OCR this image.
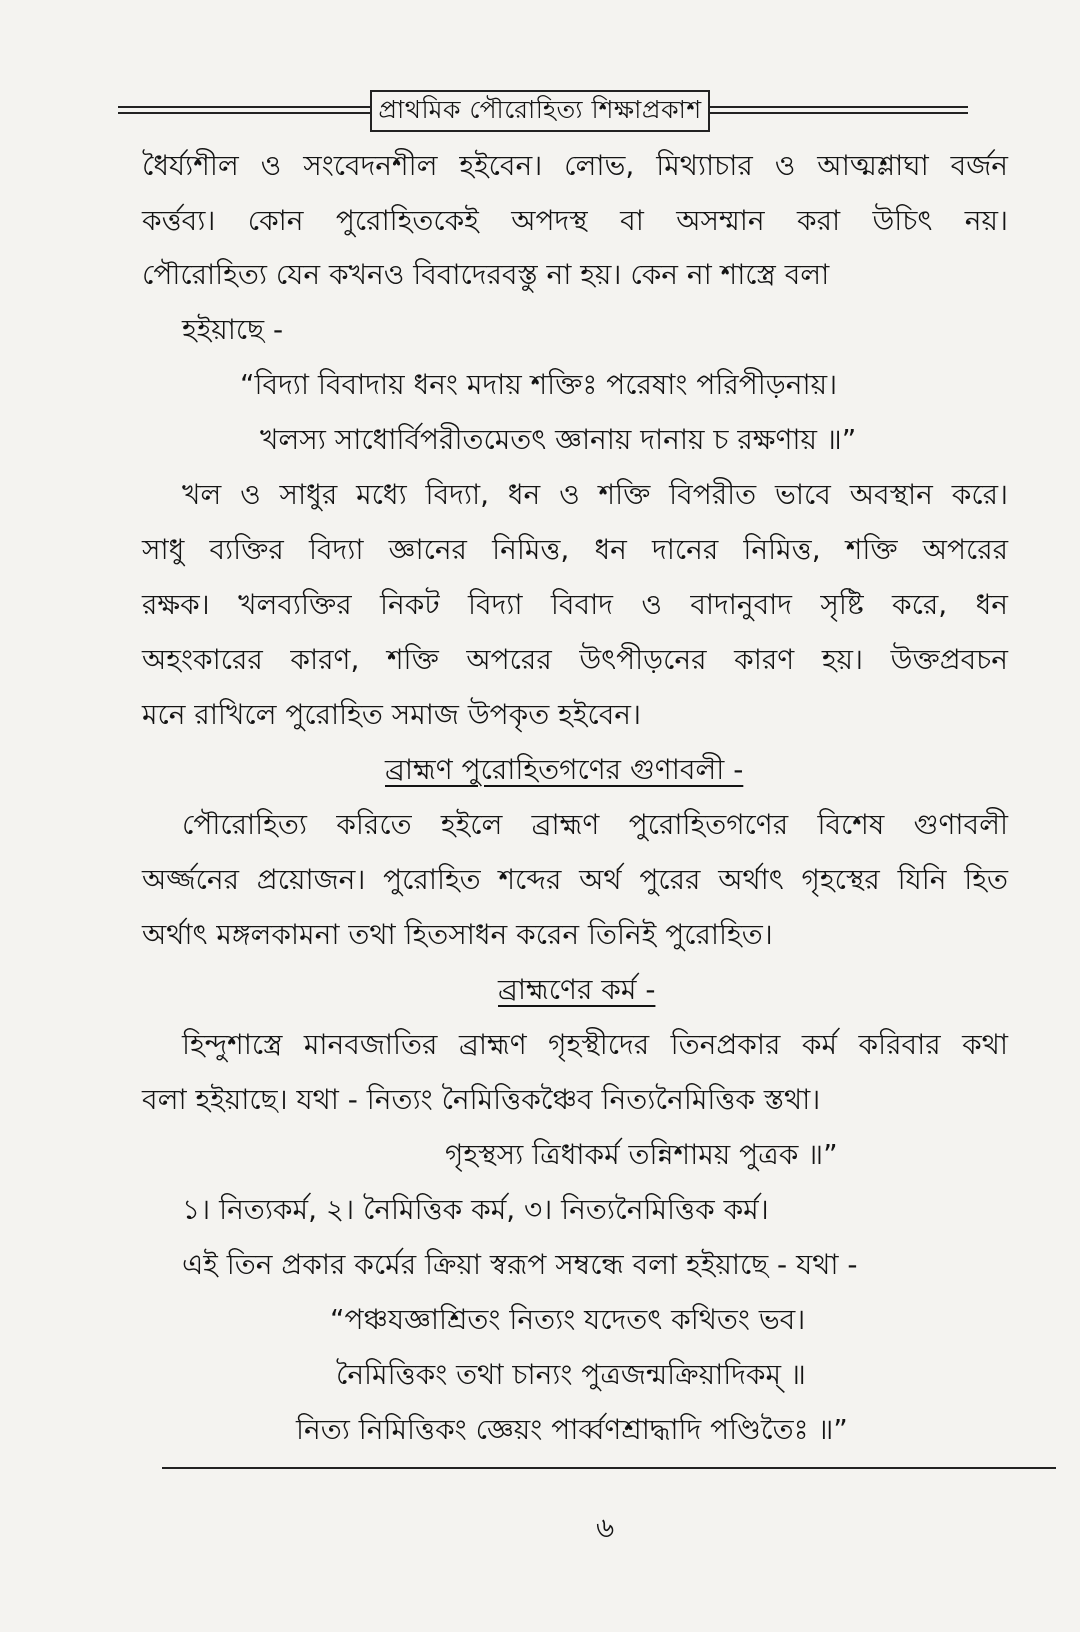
প্রাথমিক পৌরোহিত্য শিক্ষাপ্রকাশ
ধৈর্য্যশীল ও সংবেদনশীল হইবেন। লোভ, মিথ্যাচার ও আত্মশ্লাঘা বর্জন
কর্ত্তব্য। কোন পুরোহিতকেই অপদস্থ বা অসম্মান করা উচিৎ নয়।
পৌরোহিত্য যেন কখনও বিবাদেরবস্তু না হয়। কেন না শাস্ত্রে বলা
হইয়াছে -
“বিদ্যা বিবাদায় ধনং মদায় শক্তিঃ পরেষাং পরিপীড়নায়।
খলস্য সাধোর্বিপরীতমেতৎ জ্ঞানায় দানায় চ রক্ষণায় ॥”
খল ও সাধুর মধ্যে বিদ্যা, ধন ও শক্তি বিপরীত ভাবে অবস্থান করে।
সাধু ব্যক্তির বিদ্যা জ্ঞানের নিমিত্ত, ধন দানের নিমিত্ত, শক্তি অপরের
রক্ষক। খলব্যক্তির নিকট বিদ্যা বিবাদ ও বাদানুবাদ সৃষ্টি করে, ধন
অহংকারের কারণ, শক্তি অপরের উৎপীড়নের কারণ হয়। উক্তপ্রবচন
মনে রাখিলে পুরোহিত সমাজ উপকৃত হইবেন।
ব্রাহ্মণ পুরোহিতগণের গুণাবলী -
পৌরোহিত্য করিতে হইলে ব্রাহ্মণ পুরোহিতগণের বিশেষ গুণাবলী
অর্জ্জনের প্রয়োজন। পুরোহিত শব্দের অর্থ পুরের অর্থাৎ গৃহস্থের যিনি হিত
অর্থাৎ মঙ্গলকামনা তথা হিতসাধন করেন তিনিই পুরোহিত।
ব্রাহ্মণের কর্ম -
হিন্দুশাস্ত্রে মানবজাতির ব্রাহ্মণ গৃহস্থীদের তিনপ্রকার কর্ম করিবার কথা
বলা হইয়াছে। যথা - নিত্যং নৈমিত্তিকঞ্চৈব নিত্যনৈমিত্তিক স্তথা।
গৃহস্থস্য ত্রিধাকর্ম তন্নিশাময় পুত্রক ॥”
১। নিত্যকর্ম, ২। নৈমিত্তিক কর্ম, ৩। নিত্যনৈমিত্তিক কর্ম।
এই তিন প্রকার কর্মের ক্রিয়া স্বরূপ সম্বন্ধে বলা হইয়াছে - যথা -
“পঞ্চযজ্ঞাশ্রিতং নিত্যং যদেতৎ কথিতং ভব।
নৈমিত্তিকং তথা চান্যং পুত্রজন্মক্রিয়াদিকম্ ॥
নিত্য নিমিত্তিকং জ্ঞেয়ং পার্ব্বণশ্রাদ্ধাদি পণ্ডিতৈঃ ॥”
৬
